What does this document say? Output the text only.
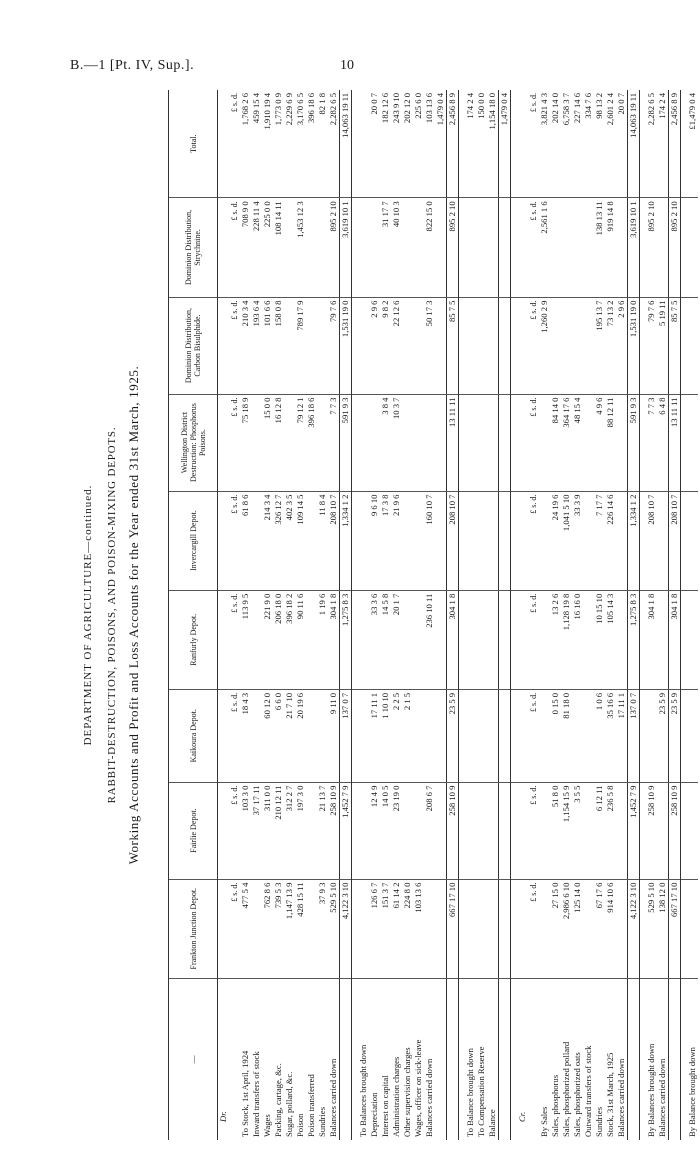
B.—1 [Pt. IV, Sup.].	10
DEPARTMENT OF AGRICULTURE—continued. RABBIT-DESTRUCTION, POISONS, AND POISON-MIXING DEPOTS. Working Accounts and Profit and Loss Accounts for the Year ended 31st March, 1925.
—	Frankton Junction Depot.	Fairlie Depot.	Kaikoura Depot.	Ranfurly Depot.	Invercargill Depot.	Wellington District Destruction: Phosphorus Poisons.	Dominion Distribution, Carbon Bisulphide.	Dominion Distribution, Strychnine.	Total.
Dr.									
	£ s. d.	£ s. d.	£ s. d.	£ s. d.	£ s. d.	£ s. d.	£ s. d.	£ s. d.	£ s. d.
To Stock, 1st April, 1924	477 5 4	103 3 0	18 4 3	113 9 5	61 8 6	75 18 9	210 3 4	708 9 0	1,768 2 6
Inward transfers of stock		37 17 11					193 6 4	228 11 4	459 15 4
Wages	762 8 6	311 0 0	60 12 0	221 9 0	214 3 4	15 0 0	101 6 6	225 0 0	1,910 19 4
Packing, cartage, &c.	739 5 3	210 12 11	6 6 0	206 18 0	326 12 7	16 12 8	158 0 8	108 14 11	1,773 0 9
Sugar, pollard, &c.	1,147 13 9	312 2 7	21 7 10	396 18 2	402 3 5				2,229 6 9
Poison	428 15 11	197 3 0	20 19 6	90 11 6	109 14 5	79 12 1	789 17 9	1,453 12 3	3,170 6 5
Poison transferred						396 18 6			396 18 6
Sundries	37 9 3	21 13 7		1 19 6	11 8 4				82 1 8
Balances carried down	529 5 10	258 10 9	9 11 0	304 1 8	208 10 7	7 7 3	79 7 6	895 2 10	2,282 6 5
	4,122 3 10	1,452 7 9	137 0 7	1,275 8 3	1,334 1 2	591 9 3	1,531 19 0	3,619 10 1	14,063 19 11

To Balances brought down									
Depreciation	126 6 7	12 4 9	17 11 1	33 3 6	9 6 10		2 9 6		20 0 7
Interest on capital	151 3 7	14 0 5	1 10 10	14 5 8	17 3 8	3 8 4	9 8 2	31 17 7	182 12 6
Administration charges	61 14 2	23 19 0	2 2 5	20 1 7	21 9 6	10 3 7	22 12 6	40 10 3	243 9 10
Other supervision charges	224 8 0		2 1 5						202 12 0
Wages, officer on sick-leave	103 13 6								225 6 0
Balances carried down		208 6 7		236 10 11	160 10 7		50 17 3	822 15 0	103 13 6
									1,479 0 4
	667 17 10	258 10 9	23 5 9	304 1 8	208 10 7	13 11 11	85 7 5	895 2 10	2,456 8 9

To Balance brought down									174 2 4
To Compensation Reserve									150 0 0
Balance									1,154 18 0
									1,479 0 4

Cr.									
	£ s. d.	£ s. d.	£ s. d.	£ s. d.	£ s. d.	£ s. d.	£ s. d.	£ s. d.	£ s. d.
By Sales							1,260 2 9	2,561 1 6	3,821 4 3
Sales, phosphorus	27 15 0	51 8 0	0 15 0	13 2 6	24 19 6	84 14 0			202 14 0
Sales, phosphorized pollard	2,986 6 10	1,154 15 9	81 18 0	1,128 19 8	1,041 5 10	364 17 6			6,758 3 7
Sales, phosphorized oats	125 14 0	3 5 5		16 16 0	33 3 9	48 15 4			227 14 6
Outward transfers of stock									334 7 6
Sundries	67 17 6	6 12 11	1 0 6	10 15 10	7 17 7	4 9 6	195 13 7	138 13 11	98 13 2
Stock, 31st March, 1925	914 10 6	236 5 8	35 16 6	105 14 3	226 14 6	88 12 11	73 13 2	919 14 8	2,601 2 4
Balances carried down			17 11 1				2 9 6		20 0 7
	4,122 3 10	1,452 7 9	137 0 7	1,275 8 3	1,334 1 2	591 9 3	1,531 19 0	3,619 10 1	14,063 19 11

By Balances brought down	529 5 10	258 10 9		304 1 8	208 10 7	7 7 3	79 7 6	895 2 10	2,282 6 5
Balances carried down	138 12 0		23 5 9			6 4 8	5 19 11		174 2 4
	667 17 10	258 10 9	23 5 9	304 1 8	208 10 7	13 11 11	85 7 5	895 2 10	2,456 8 9

By Balance brought down									£1,479 0 4
